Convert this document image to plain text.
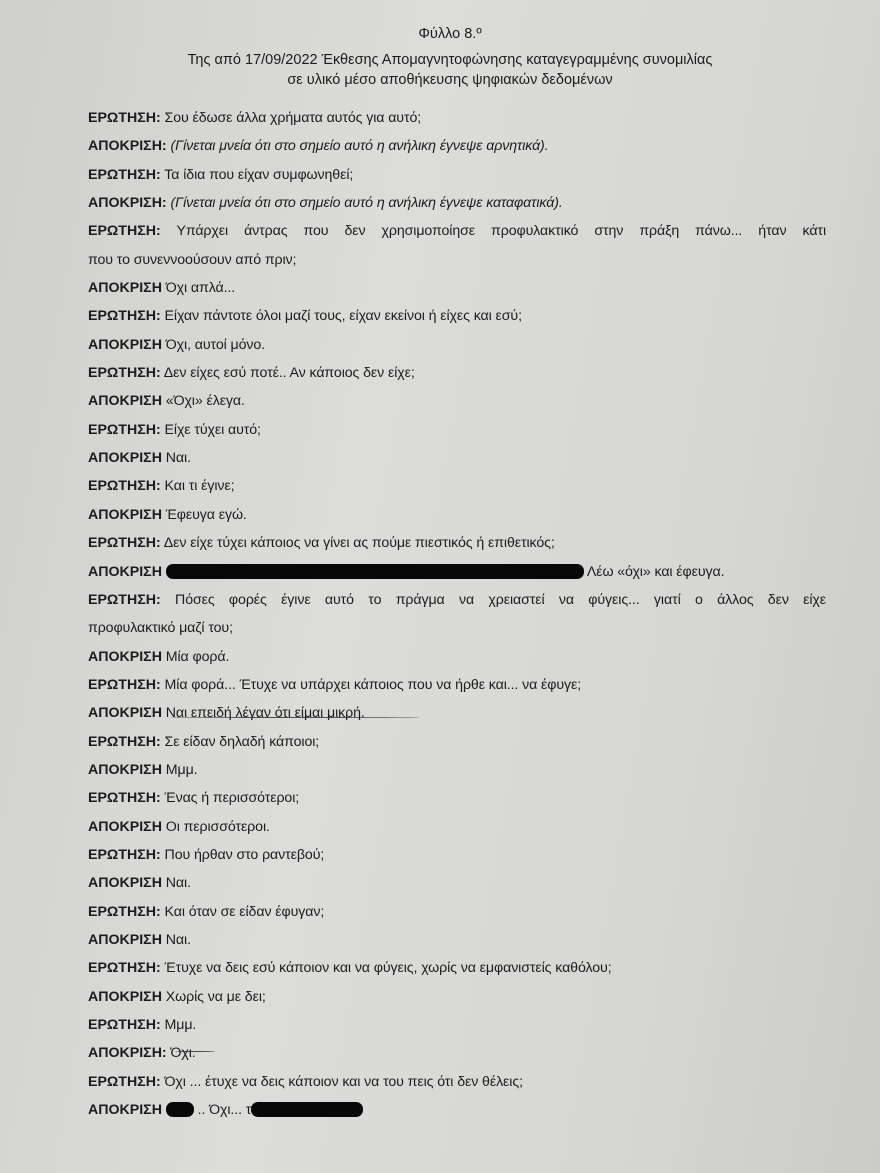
Φύλλο 8.º
Της από 17/09/2022 Έκθεσης Απομαγνητοφώνησης καταγεγραμμένης συνομιλίας
σε υλικό μέσο αποθήκευσης ψηφιακών δεδομένων
ΕΡΩΤΗΣΗ: Σου έδωσε άλλα χρήματα αυτός για αυτό;
ΑΠΟΚΡΙΣΗ: (Γίνεται μνεία ότι στο σημείο αυτό η ανήλικη έγνεψε αρνητικά).
ΕΡΩΤΗΣΗ: Τα ίδια που είχαν συμφωνηθεί;
ΑΠΟΚΡΙΣΗ: (Γίνεται μνεία ότι στο σημείο αυτό η ανήλικη έγνεψε καταφατικά).
ΕΡΩΤΗΣΗ: Υπάρχει άντρας που δεν χρησιμοποίησε προφυλακτικό στην πράξη πάνω... ήταν κάτι
που το συνεννοούσουν από πριν;
ΑΠΟΚΡΙΣΗ Όχι απλά...
ΕΡΩΤΗΣΗ: Είχαν πάντοτε όλοι μαζί τους, είχαν εκείνοι ή είχες και εσύ;
ΑΠΟΚΡΙΣΗ Όχι, αυτοί μόνο.
ΕΡΩΤΗΣΗ: Δεν είχες εσύ ποτέ.. Αν κάποιος δεν είχε;
ΑΠΟΚΡΙΣΗ «Όχι» έλεγα.
ΕΡΩΤΗΣΗ: Είχε τύχει αυτό;
ΑΠΟΚΡΙΣΗ Ναι.
ΕΡΩΤΗΣΗ: Και τι έγινε;
ΑΠΟΚΡΙΣΗ Έφευγα εγώ.
ΕΡΩΤΗΣΗ: Δεν είχε τύχει κάποιος να γίνει ας πούμε πιεστικός ή επιθετικός;
ΑΠΟΚΡΙΣΗ	Λέω «όχι» και έφευγα.
ΕΡΩΤΗΣΗ: Πόσες φορές έγινε αυτό το πράγμα να χρειαστεί να φύγεις... γιατί ο άλλος δεν είχε
προφυλακτικό μαζί του;
ΑΠΟΚΡΙΣΗ Μία φορά.
ΕΡΩΤΗΣΗ: Μία φορά... Έτυχε να υπάρχει κάποιος που να ήρθε και... να έφυγε;
ΑΠΟΚΡΙΣΗ Ναι επειδή λέγαν ότι είμαι μικρή.
ΕΡΩΤΗΣΗ: Σε είδαν δηλαδή κάποιοι;
ΑΠΟΚΡΙΣΗ Μμμ.
ΕΡΩΤΗΣΗ: Ένας ή περισσότεροι;
ΑΠΟΚΡΙΣΗ Οι περισσότεροι.
ΕΡΩΤΗΣΗ: Που ήρθαν στο ραντεβού;
ΑΠΟΚΡΙΣΗ Ναι.
ΕΡΩΤΗΣΗ: Και όταν σε είδαν έφυγαν;
ΑΠΟΚΡΙΣΗ Ναι.
ΕΡΩΤΗΣΗ: Έτυχε να δεις εσύ κάποιον και να φύγεις, χωρίς να εμφανιστείς καθόλου;
ΑΠΟΚΡΙΣΗ Χωρίς να με δει;
ΕΡΩΤΗΣΗ: Μμμ.
ΑΠΟΚΡΙΣΗ: Όχι.
ΕΡΩΤΗΣΗ: Όχι ... έτυχε να δεις κάποιον και να του πεις ότι δεν θέλεις;
ΑΠΟΚΡΙΣΗ	.. Όχι... τ
